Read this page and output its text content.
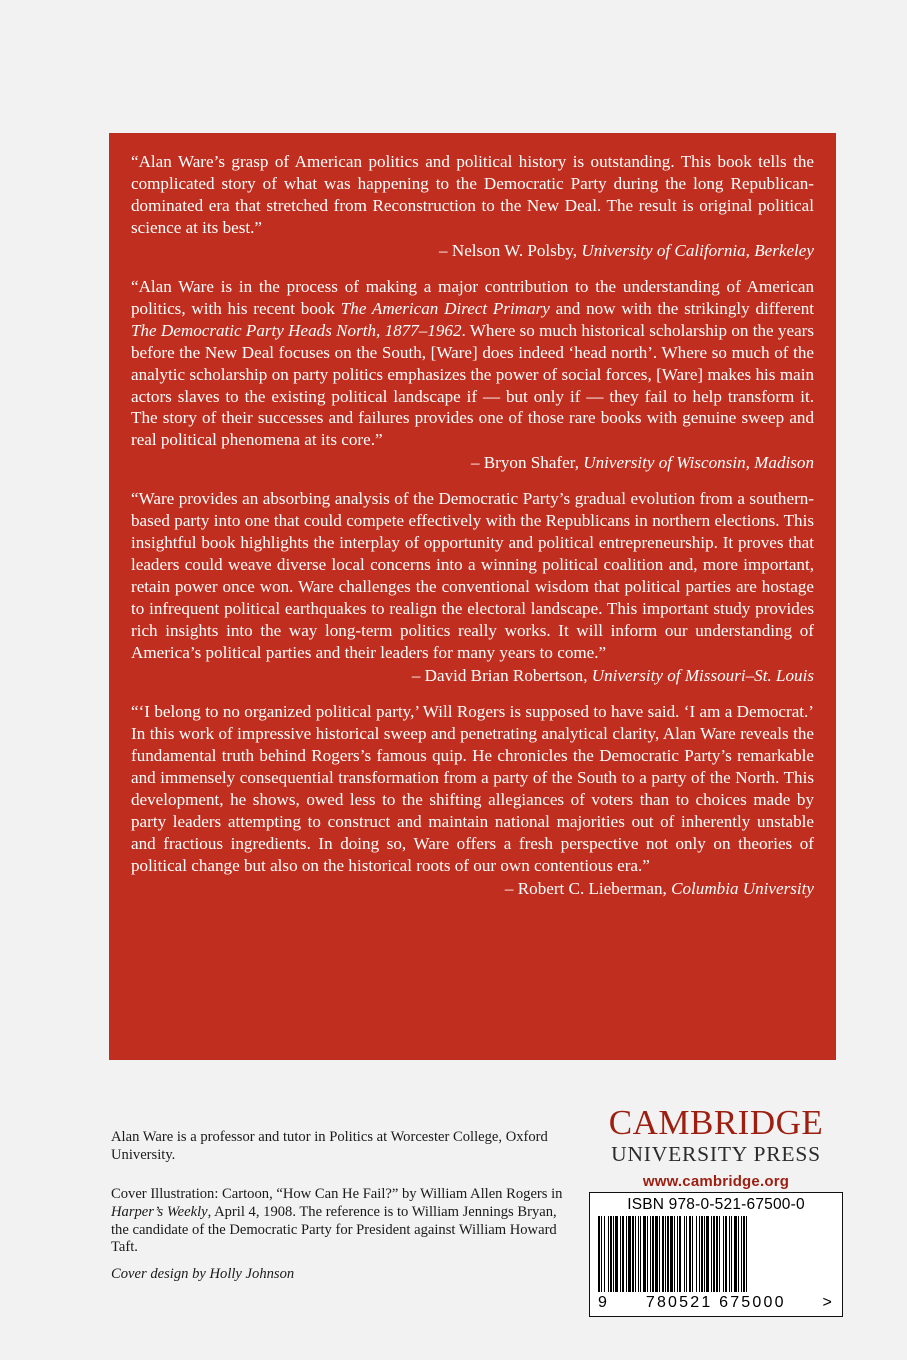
“Alan Ware’s grasp of American politics and political history is outstanding. This book tells the complicated story of what was happening to the Democratic Party during the long Republican-dominated era that stretched from Reconstruction to the New Deal. The result is original political science at its best.”

– Nelson W. Polsby, University of California, Berkeley

“Alan Ware is in the process of making a major contribution to the understanding of American politics, with his recent book The American Direct Primary and now with the strikingly different The Democratic Party Heads North, 1877–1962. Where so much historical scholarship on the years before the New Deal focuses on the South, [Ware] does indeed ‘head north’. Where so much of the analytic scholarship on party politics emphasizes the power of social forces, [Ware] makes his main actors slaves to the existing political landscape if — but only if — they fail to help transform it. The story of their successes and failures provides one of those rare books with genuine sweep and real political phenomena at its core.”

– Bryon Shafer, University of Wisconsin, Madison

“Ware provides an absorbing analysis of the Democratic Party’s gradual evolution from a southern-based party into one that could compete effectively with the Republicans in northern elections. This insightful book highlights the interplay of opportunity and political entrepreneurship. It proves that leaders could weave diverse local concerns into a winning political coalition and, more important, retain power once won. Ware challenges the conventional wisdom that political parties are hostage to infrequent political earthquakes to realign the electoral landscape. This important study provides rich insights into the way long-term politics really works. It will inform our understanding of America’s political parties and their leaders for many years to come.”

– David Brian Robertson, University of Missouri–St. Louis

“‘I belong to no organized political party,’ Will Rogers is supposed to have said. ‘I am a Democrat.’ In this work of impressive historical sweep and penetrating analytical clarity, Alan Ware reveals the fundamental truth behind Rogers’s famous quip. He chronicles the Democratic Party’s remarkable and immensely consequential transformation from a party of the South to a party of the North. This development, he shows, owed less to the shifting allegiances of voters than to choices made by party leaders attempting to construct and maintain national majorities out of inherently unstable and fractious ingredients. In doing so, Ware offers a fresh perspective not only on theories of political change but also on the historical roots of our own contentious era.”

– Robert C. Lieberman, Columbia University
Alan Ware is a professor and tutor in Politics at Worcester College, Oxford University.
Cover Illustration: Cartoon, “How Can He Fail?” by William Allen Rogers in Harper’s Weekly, April 4, 1908. The reference is to William Jennings Bryan, the candidate of the Democratic Party for President against William Howard Taft.
Cover design by Holly Johnson
CAMBRIDGE
UNIVERSITY PRESS
www.cambridge.org
ISBN 978-0-521-67500-0
9 780521 675000 >
